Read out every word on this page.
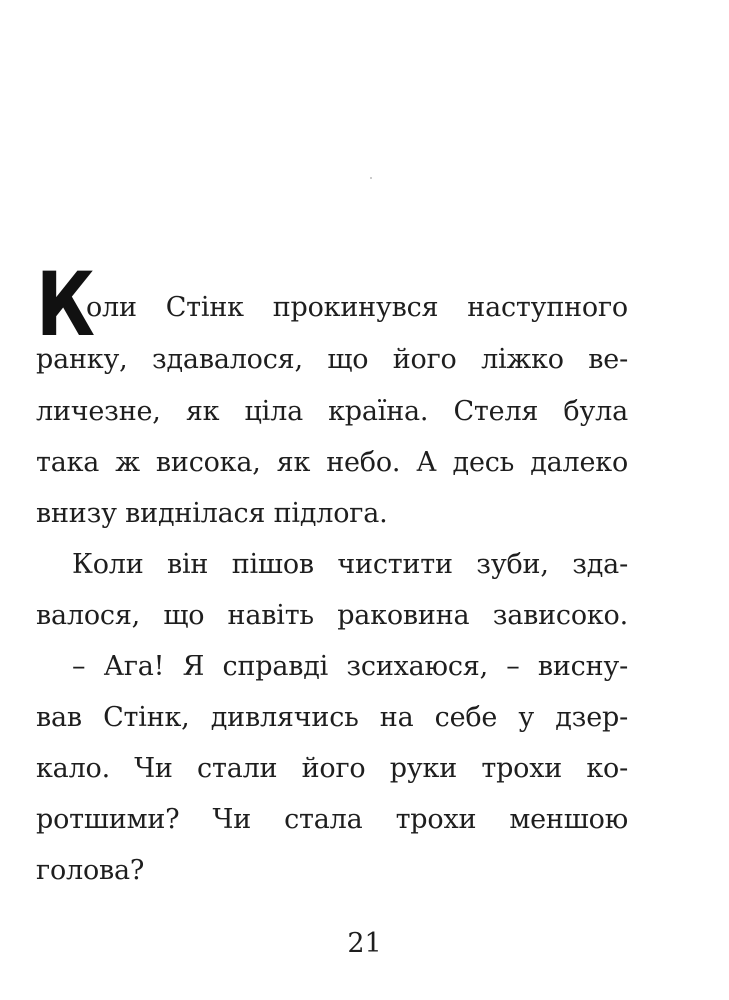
К
оли Стінк прокинувся наступного
ранку, здавалося, що його ліжко ве-
личезне, як ціла країна. Стеля була
така ж висока, як небо. А десь далеко
внизу виднілася підлога.
Коли він пішов чистити зуби, зда-
валося, що навіть раковина зависоко.
– Ага! Я справді зсихаюся, – висну-
вав Стінк, дивлячись на себе у дзер-
кало. Чи стали його руки трохи ко-
ротшими? Чи стала трохи меншою
голова?
21
